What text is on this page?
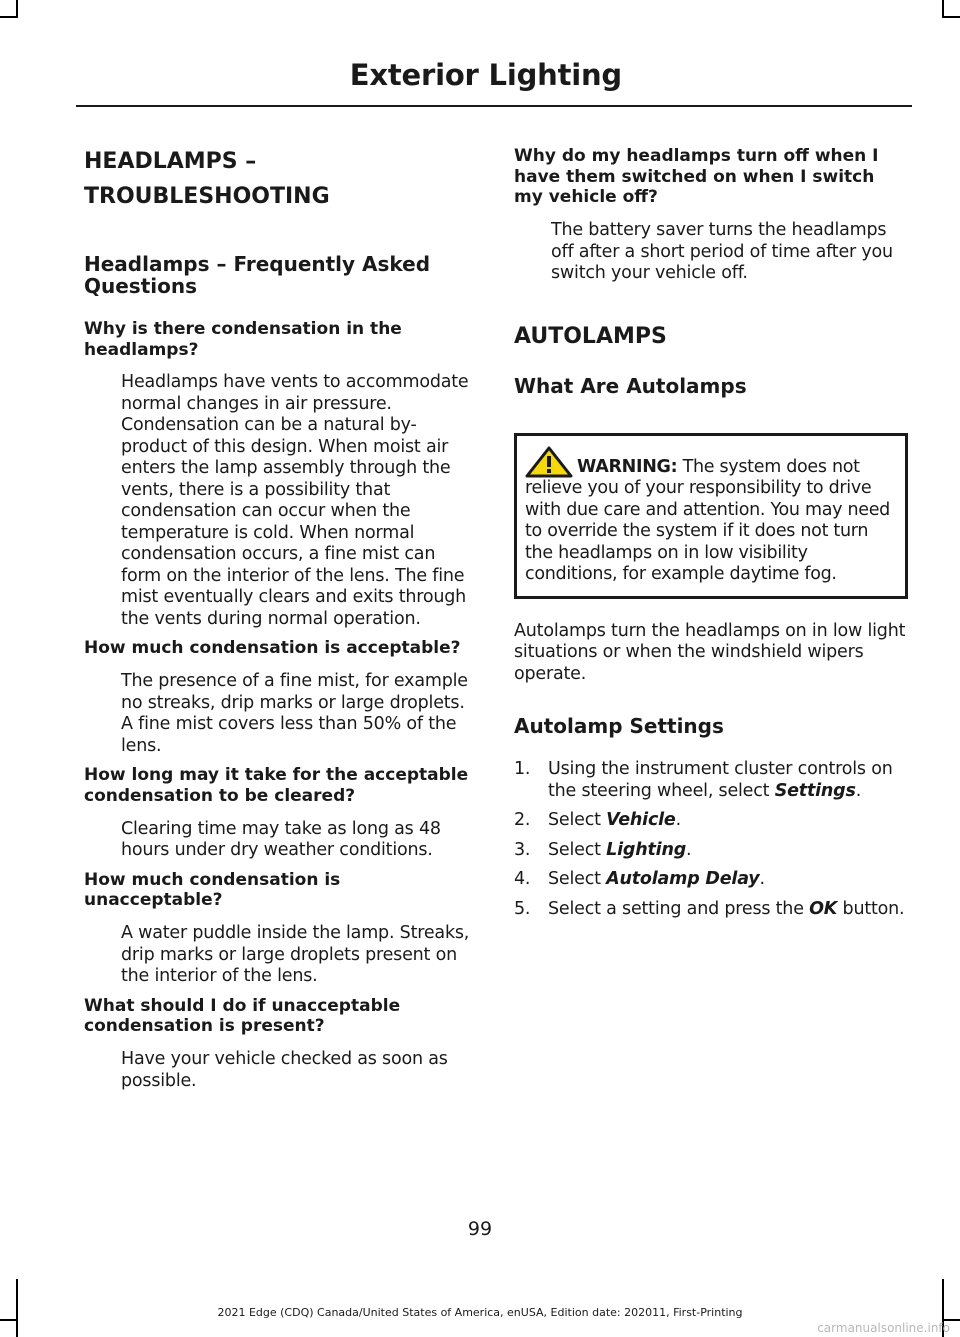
Exterior Lighting
HEADLAMPS –
TROUBLESHOOTING
Headlamps – Frequently Asked Questions
Why is there condensation in the headlamps?
Headlamps have vents to accommodate normal changes in air pressure. Condensation can be a natural by-product of this design. When moist air enters the lamp assembly through the vents, there is a possibility that condensation can occur when the temperature is cold. When normal condensation occurs, a fine mist can form on the interior of the lens. The fine mist eventually clears and exits through the vents during normal operation.
How much condensation is acceptable?
The presence of a fine mist, for example no streaks, drip marks or large droplets. A fine mist covers less than 50% of the lens.
How long may it take for the acceptable condensation to be cleared?
Clearing time may take as long as 48 hours under dry weather conditions.
How much condensation is unacceptable?
A water puddle inside the lamp. Streaks, drip marks or large droplets present on the interior of the lens.
What should I do if unacceptable condensation is present?
Have your vehicle checked as soon as possible.
Why do my headlamps turn off when I have them switched on when I switch my vehicle off?
The battery saver turns the headlamps off after a short period of time after you switch your vehicle off.
AUTOLAMPS
What Are Autolamps
WARNING: The system does not relieve you of your responsibility to drive with due care and attention. You may need to override the system if it does not turn the headlamps on in low visibility conditions, for example daytime fog.

Autolamps turn the headlamps on in low light situations or when the windshield wipers operate.

Autolamp Settings
1. Using the instrument cluster controls on the steering wheel, select Settings.
2. Select Vehicle.
3. Select Lighting.
4. Select Autolamp Delay.
5. Select a setting and press the OK button.
99
2021 Edge (CDQ) Canada/United States of America, enUSA, Edition date: 202011, First-Printing
carmanualsonline.info
